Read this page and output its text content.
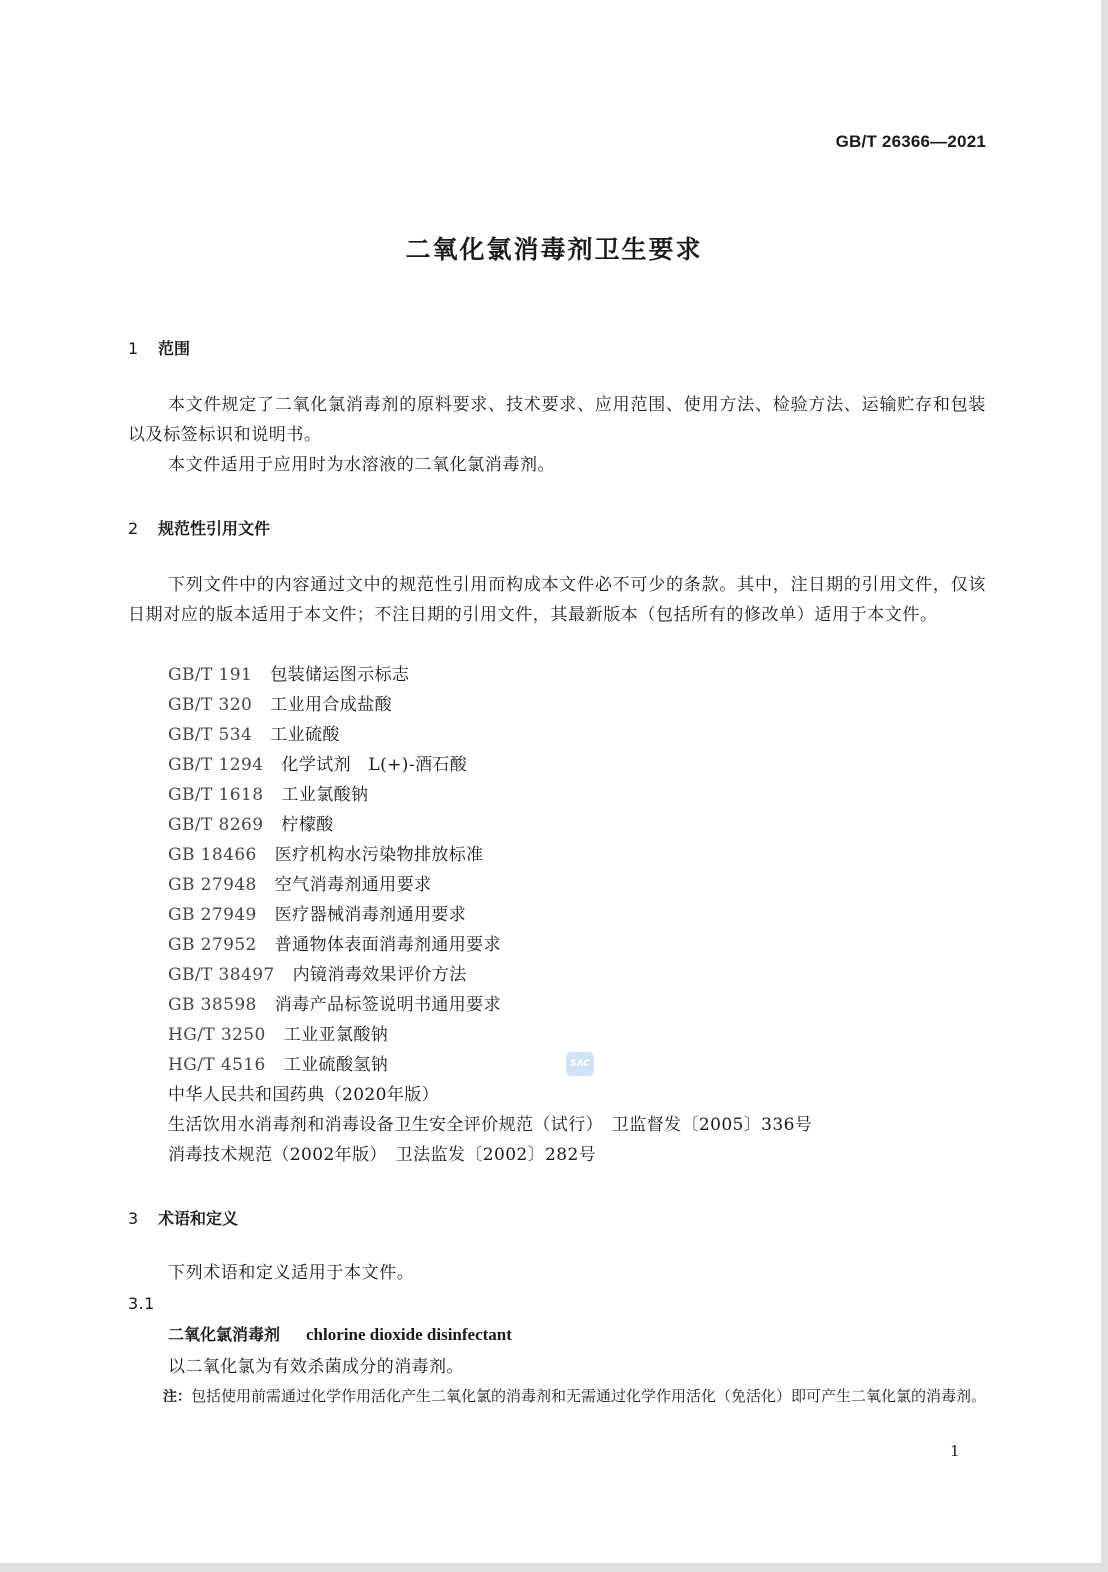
GB/T 26366—2021
二氧化氯消毒剂卫生要求
1 范围
本文件规定了二氧化氯消毒剂的原料要求、技术要求、应用范围、使用方法、检验方法、运输贮存和包装以及标签标识和说明书。
本文件适用于应用时为水溶液的二氧化氯消毒剂。
2 规范性引用文件
下列文件中的内容通过文中的规范性引用而构成本文件必不可少的条款。其中，注日期的引用文件，仅该日期对应的版本适用于本文件；不注日期的引用文件，其最新版本（包括所有的修改单）适用于本文件。
GB/T 191 包装储运图示标志
GB/T 320 工业用合成盐酸
GB/T 534 工业硫酸
GB/T 1294 化学试剂　L(+)-酒石酸
GB/T 1618 工业氯酸钠
GB/T 8269 柠檬酸
GB 18466 医疗机构水污染物排放标准
GB 27948 空气消毒剂通用要求
GB 27949 医疗器械消毒剂通用要求
GB 27952 普通物体表面消毒剂通用要求
GB/T 38497 内镜消毒效果评价方法
GB 38598 消毒产品标签说明书通用要求
HG/T 3250 工业亚氯酸钠
HG/T 4516 工业硫酸氢钠
中华人民共和国药典（2020年版）
生活饮用水消毒剂和消毒设备卫生安全评价规范（试行）　卫监督发〔2005〕336号
消毒技术规范（2002年版）　卫法监发〔2002〕282号
SAC
3 术语和定义
下列术语和定义适用于本文件。
3.1
二氧化氯消毒剂 chlorine dioxide disinfectant
以二氧化氯为有效杀菌成分的消毒剂。
注：包括使用前需通过化学作用活化产生二氧化氯的消毒剂和无需通过化学作用活化（免活化）即可产生二氧化氯的消毒剂。
1
